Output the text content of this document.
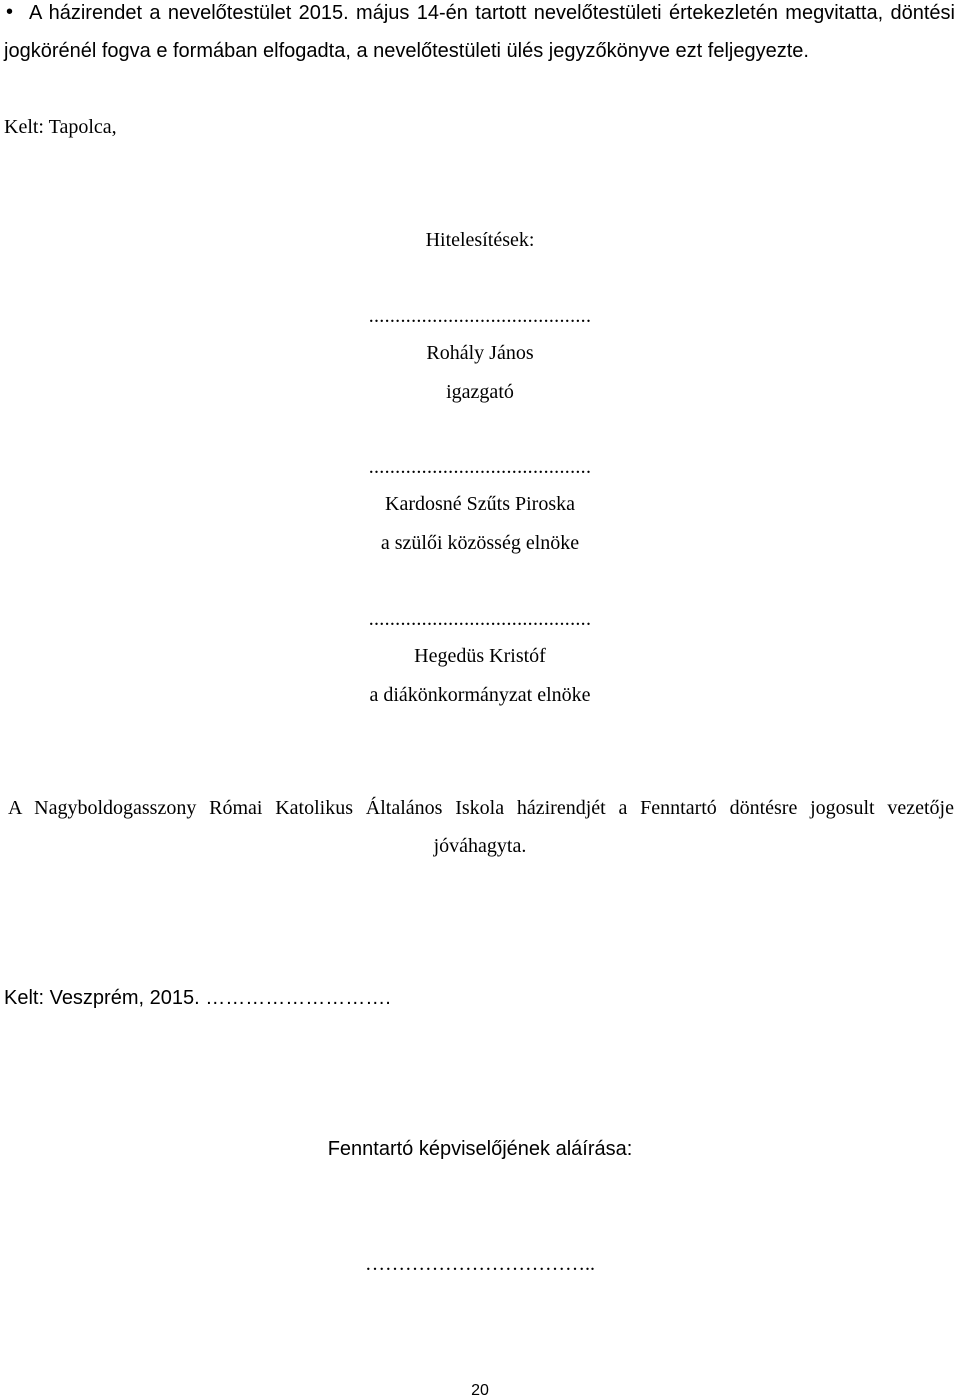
• A házirendet a nevelőtestület 2015. május 14-én tartott nevelőtestületi értekezletén megvitatta, döntési
jogkörénél fogva e formában elfogadta, a nevelőtestületi ülés jegyzőkönyve ezt feljegyezte.
Kelt: Tapolca,
Hitelesítések:
..........................................
Rohály János
igazgató
..........................................
Kardosné Szűts Piroska
a szülői közösség elnöke
..........................................
Hegedüs Kristóf
a diákönkormányzat elnöke
A Nagyboldogasszony Római Katolikus Általános Iskola házirendjét a Fenntartó döntésre jogosult vezetője
jóváhagyta.
Kelt: Veszprém, 2015. ……………………….
Fenntartó képviselőjének aláírása:
……………………………..
20
